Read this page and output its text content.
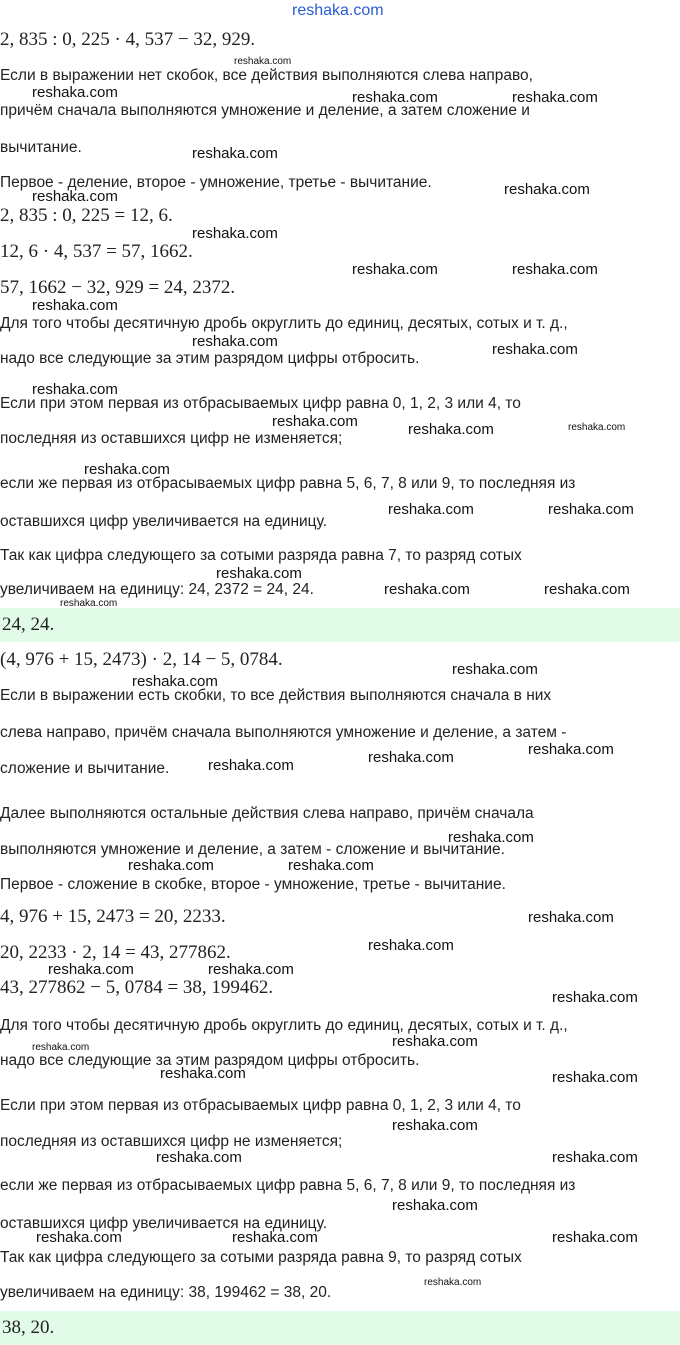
reshaka.com
2, 835 : 0, 225 · 4, 537 − 32, 929.
Если в выражении нет скобок, все действия выполняются слева направо,
причём сначала выполняются умножение и деление, а затем сложение и
вычитание.
Первое - деление, второе - умножение, третье - вычитание.
2, 835 : 0, 225 = 12, 6.
12, 6 · 4, 537 = 57, 1662.
57, 1662 − 32, 929 = 24, 2372.
Для того чтобы десятичную дробь округлить до единиц, десятых, сотых и т. д.,
надо все следующие за этим разрядом цифры отбросить.
Если при этом первая из отбрасываемых цифр равна 0, 1, 2, 3 или 4, то
последняя из оставшихся цифр не изменяется;
если же первая из отбрасываемых цифр равна 5, 6, 7, 8 или 9, то последняя из
оставшихся цифр увеличивается на единицу.
Так как цифра следующего за сотыми разряда равна 7, то разряд сотых
увеличиваем на единицу: 24, 2372 = 24, 24.
24, 24.
(4, 976 + 15, 2473) · 2, 14 − 5, 0784.
Если в выражении есть скобки, то все действия выполняются сначала в них
слева направо, причём сначала выполняются умножение и деление, а затем -
сложение и вычитание.
Далее выполняются остальные действия слева направо, причём сначала
выполняются умножение и деление, а затем - сложение и вычитание.
Первое - сложение в скобке, второе - умножение, третье - вычитание.
4, 976 + 15, 2473 = 20, 2233.
20, 2233 · 2, 14 = 43, 277862.
43, 277862 − 5, 0784 = 38, 199462.
Для того чтобы десятичную дробь округлить до единиц, десятых, сотых и т. д.,
надо все следующие за этим разрядом цифры отбросить.
Если при этом первая из отбрасываемых цифр равна 0, 1, 2, 3 или 4, то
последняя из оставшихся цифр не изменяется;
если же первая из отбрасываемых цифр равна 5, 6, 7, 8 или 9, то последняя из
оставшихся цифр увеличивается на единицу.
Так как цифра следующего за сотыми разряда равна 9, то разряд сотых
увеличиваем на единицу: 38, 199462 = 38, 20.
38, 20.
reshaka.com
reshaka.com	reshaka.com	reshaka.com
reshaka.com
reshaka.com
reshaka.com
reshaka.com
reshaka.com	reshaka.com
reshaka.com
reshaka.com	reshaka.com
reshaka.com
reshaka.com	reshaka.com	reshaka.com
reshaka.com
reshaka.com	reshaka.com
reshaka.com
reshaka.com	reshaka.com
reshaka.com
reshaka.com
reshaka.com
reshaka.com
reshaka.com
reshaka.com
reshaka.com
reshaka.com	reshaka.com
reshaka.com
reshaka.com
reshaka.com	reshaka.com
reshaka.com
reshaka.com
reshaka.com
reshaka.com	reshaka.com
reshaka.com
reshaka.com	reshaka.com
reshaka.com
reshaka.com	reshaka.com	reshaka.com
reshaka.com
